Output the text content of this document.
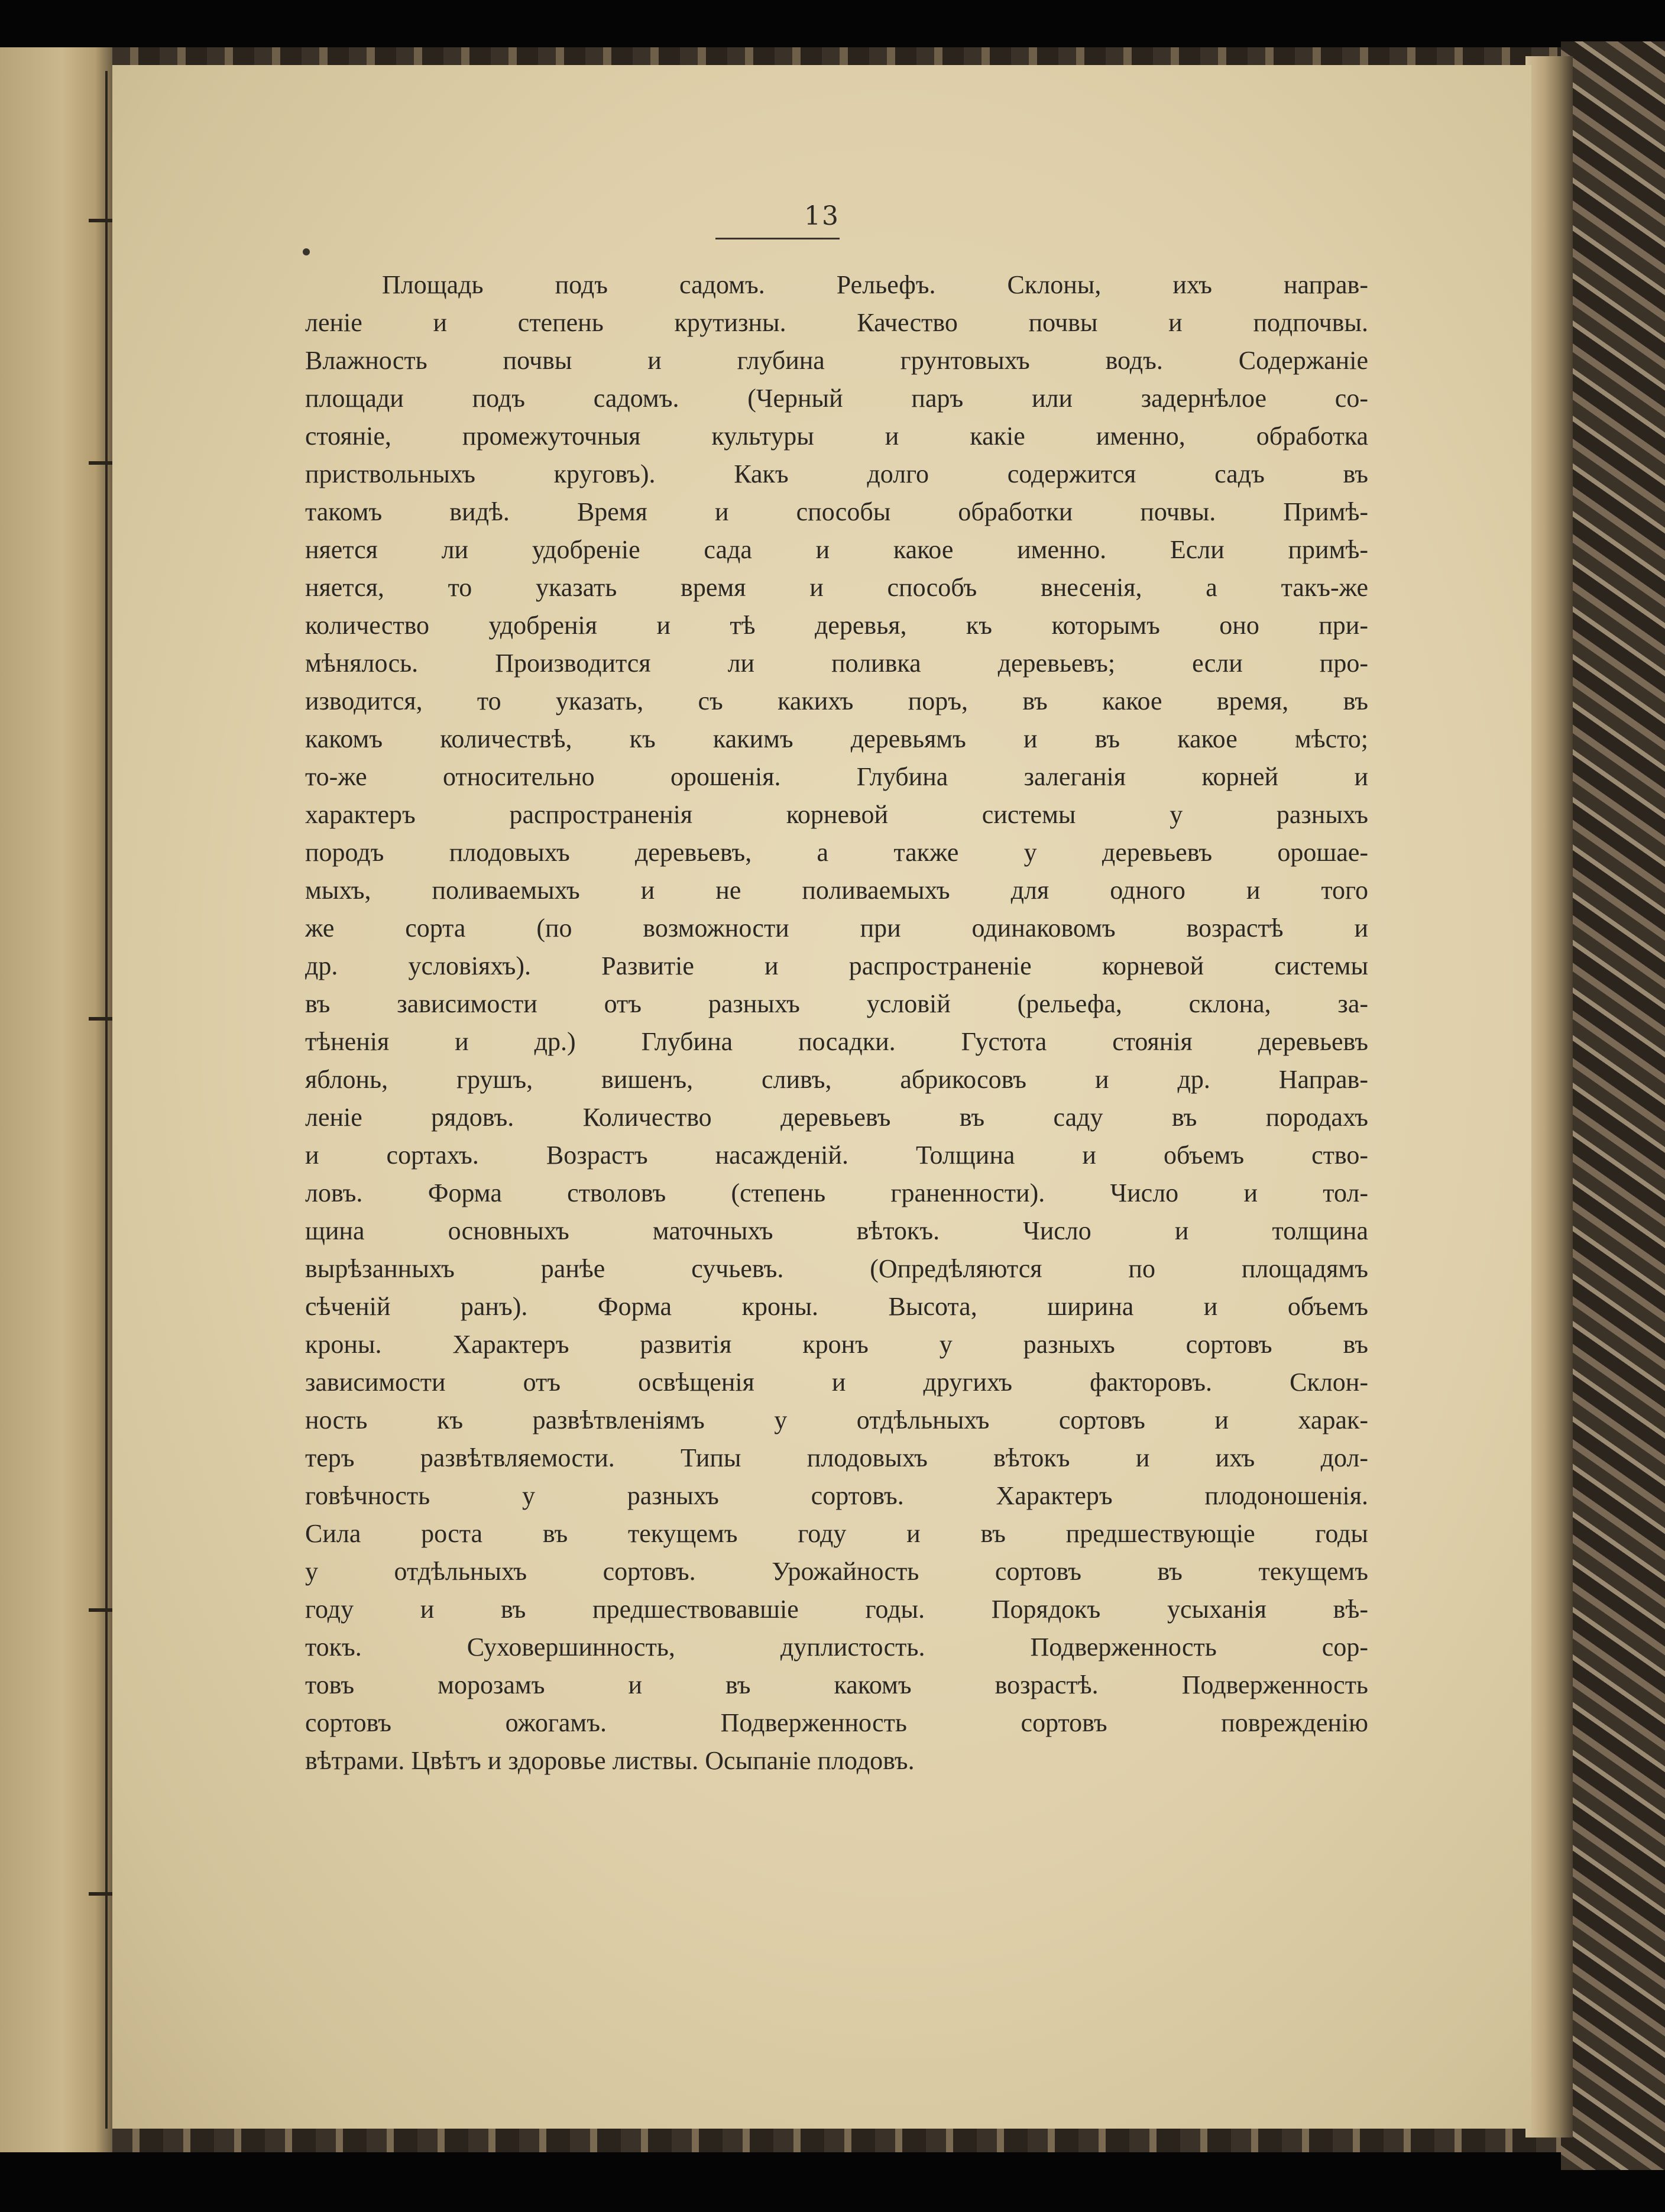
13
Площадь подъ садомъ. Рельефъ. Склоны, ихъ направ-
леніе и степень крутизны. Качество почвы и подпочвы.
Влажность почвы и глубина грунтовыхъ водъ. Содержаніе
площади подъ садомъ. (Черный паръ или задернѣлое со-
стояніе, промежуточныя культуры и какіе именно, обработка
приствольныхъ круговъ). Какъ долго содержится садъ въ
такомъ видѣ. Время и способы обработки почвы. Примѣ-
няется ли удобреніе сада и какое именно. Если примѣ-
няется, то указать время и способъ внесенія, а такъ-же
количество удобренія и тѣ деревья, къ которымъ оно при-
мѣнялось. Производится ли поливка деревьевъ; если про-
изводится, то указать, съ какихъ поръ, въ какое время, въ
какомъ количествѣ, къ какимъ деревьямъ и въ какое мѣсто;
то-же относительно орошенія. Глубина залеганія корней и
характеръ распространенія корневой системы у разныхъ
породъ плодовыхъ деревьевъ, а также у деревьевъ орошае-
мыхъ, поливаемыхъ и не поливаемыхъ для одного и того
же сорта (по возможности при одинаковомъ возрастѣ и
др. условіяхъ). Развитіе и распространеніе корневой системы
въ зависимости отъ разныхъ условій (рельефа, склона, за-
тѣненія и др.) Глубина посадки. Густота стоянія деревьевъ
яблонь, грушъ, вишенъ, сливъ, абрикосовъ и др. Направ-
леніе рядовъ. Количество деревьевъ въ саду въ породахъ
и сортахъ. Возрастъ насажденій. Толщина и объемъ ство-
ловъ. Форма стволовъ (степень граненности). Число и тол-
щина основныхъ маточныхъ вѣтокъ. Число и толщина
вырѣзанныхъ ранѣе сучьевъ. (Опредѣляются по площадямъ
сѣченій ранъ). Форма кроны. Высота, ширина и объемъ
кроны. Характеръ развитія кронъ у разныхъ сортовъ въ
зависимости отъ освѣщенія и другихъ факторовъ. Склон-
ность къ развѣтвленіямъ у отдѣльныхъ сортовъ и харак-
теръ развѣтвляемости. Типы плодовыхъ вѣтокъ и ихъ дол-
говѣчность у разныхъ сортовъ. Характеръ плодоношенія.
Сила роста въ текущемъ году и въ предшествующіе годы
у отдѣльныхъ сортовъ. Урожайность сортовъ въ текущемъ
году и въ предшествовавшіе годы. Порядокъ усыханія вѣ-
токъ. Суховершинность, дуплистость. Подверженность сор-
товъ морозамъ и въ какомъ возрастѣ. Подверженность
сортовъ ожогамъ. Подверженность сортовъ поврежденію
вѣтрами. Цвѣтъ и здоровье листвы. Осыпаніе плодовъ.
